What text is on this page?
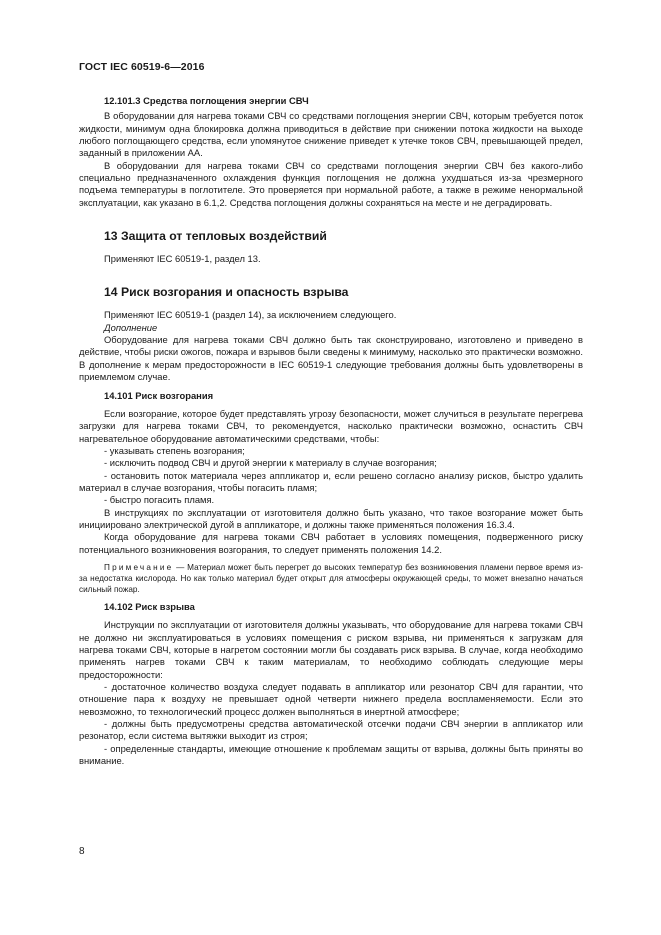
ГОСТ IEC 60519-6—2016

12.101.3 Средства поглощения энергии СВЧ

В оборудовании для нагрева токами СВЧ со средствами поглощения энергии СВЧ, которым требуется поток жидкости, минимум одна блокировка должна приводиться в действие при снижении потока жидкости на выходе любого поглощающего средства, если упомянутое снижение приведет к утечке токов СВЧ, превышающей предел, заданный в приложении АА.

В оборудовании для нагрева токами СВЧ со средствами поглощения энергии СВЧ без какого-либо специально предназначенного охлаждения функция поглощения не должна ухудшаться из-за чрезмерного подъема температуры в поглотителе. Это проверяется при нормальной работе, а также в режиме ненормальной эксплуатации, как указано в 6.1,2. Средства поглощения должны сохраняться на месте и не деградировать.

13 Защита от тепловых воздействий

Применяют IEC 60519-1, раздел 13.

14 Риск возгорания и опасность взрыва

Применяют IEC 60519-1 (раздел 14), за исключением следующего.

Дополнение

Оборудование для нагрева токами СВЧ должно быть так сконструировано, изготовлено и приведено в действие, чтобы риски ожогов, пожара и взрывов были сведены к минимуму, насколько это практически возможно. В дополнение к мерам предосторожности в IEC 60519-1 следующие требования должны быть удовлетворены в приемлемом случае.

14.101 Риск возгорания

Если возгорание, которое будет представлять угрозу безопасности, может случиться в результате перегрева загрузки для нагрева токами СВЧ, то рекомендуется, насколько практически возможно, оснастить СВЧ нагревательное оборудование автоматическими средствами, чтобы:

- указывать степень возгорания;

- исключить подвод СВЧ и другой энергии к материалу в случае возгорания;

- остановить поток материала через аппликатор и, если решено согласно анализу рисков, быстро удалить материал в случае возгорания, чтобы погасить пламя;

- быстро погасить пламя.

В инструкциях по эксплуатации от изготовителя должно быть указано, что такое возгорание может быть инициировано электрической дугой в аппликаторе, и должны также применяться положения 16.3.4.

Когда оборудование для нагрева токами СВЧ работает в условиях помещения, подверженного риску потенциального возникновения возгорания, то следует применять положения 14.2.

Примечание — Материал может быть перегрет до высоких температур без возникновения пламени первое время из-за недостатка кислорода. Но как только материал будет открыт для атмосферы окружающей среды, то может внезапно начаться сильный пожар.

14.102 Риск взрыва

Инструкции по эксплуатации от изготовителя должны указывать, что оборудование для нагрева токами СВЧ не должно ни эксплуатироваться в условиях помещения с риском взрыва, ни применяться к загрузкам для нагрева токами СВЧ, которые в нагретом состоянии могли бы создавать риск взрыва. В случае, когда необходимо применять нагрев токами СВЧ к таким материалам, то необходимо соблюдать следующие меры предосторожности:

- достаточное количество воздуха следует подавать в аппликатор или резонатор СВЧ для гарантии, что отношение пара к воздуху не превышает одной четверти нижнего предела воспламеняемости. Если это невозможно, то технологический процесс должен выполняться в инертной атмосфере;

- должны быть предусмотрены средства автоматической отсечки подачи СВЧ энергии в аппликатор или резонатор, если система вытяжки выходит из строя;

- определенные стандарты, имеющие отношение к проблемам защиты от взрыва, должны быть приняты во внимание.

8
